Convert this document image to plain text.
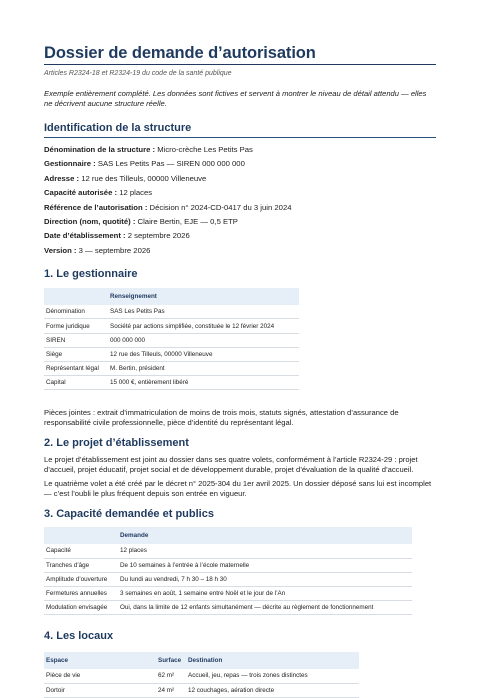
Dossier de demande d’autorisation
Articles R2324-18 et R2324-19 du code de la santé publique
Exemple entièrement complété. Les données sont fictives et servent à montrer le niveau de détail attendu — elles ne décrivent aucune structure réelle.
Identification de la structure
Dénomination de la structure : Micro-crèche Les Petits Pas
Gestionnaire : SAS Les Petits Pas — SIREN 000 000 000
Adresse : 12 rue des Tilleuls, 00000 Villeneuve
Capacité autorisée : 12 places
Référence de l’autorisation : Décision n° 2024-CD-0417 du 3 juin 2024
Direction (nom, quotité) : Claire Bertin, EJE — 0,5 ETP
Date d’établissement : 2 septembre 2026
Version : 3 — septembre 2026
1. Le gestionnaire
	Renseignement
Dénomination	SAS Les Petits Pas
Forme juridique	Société par actions simplifiée, constituée le 12 février 2024
SIREN	000 000 000
Siège	12 rue des Tilleuls, 00000 Villeneuve
Représentant légal	M. Bertin, président
Capital	15 000 €, entièrement libéré
Pièces jointes : extrait d’immatriculation de moins de trois mois, statuts signés, attestation d’assurance de responsabilité civile professionnelle, pièce d’identité du représentant légal.
2. Le projet d’établissement
Le projet d’établissement est joint au dossier dans ses quatre volets, conformément à l’article R2324-29 : projet d’accueil, projet éducatif, projet social et de développement durable, projet d’évaluation de la qualité d’accueil.
Le quatrième volet a été créé par le décret n° 2025-304 du 1er avril 2025. Un dossier déposé sans lui est incomplet — c’est l’oubli le plus fréquent depuis son entrée en vigueur.
3. Capacité demandée et publics
	Demande
Capacité	12 places
Tranches d’âge	De 10 semaines à l’entrée à l’école maternelle
Amplitude d’ouverture	Du lundi au vendredi, 7 h 30 – 18 h 30
Fermetures annuelles	3 semaines en août, 1 semaine entre Noël et le jour de l’An
Modulation envisagée	Oui, dans la limite de 12 enfants simultanément — décrite au règlement de fonctionnement
4. Les locaux
Espace	Surface	Destination
Pièce de vie	62 m²	Accueil, jeu, repas — trois zones distinctes
Dortoir	24 m²	12 couchages, aération directe
